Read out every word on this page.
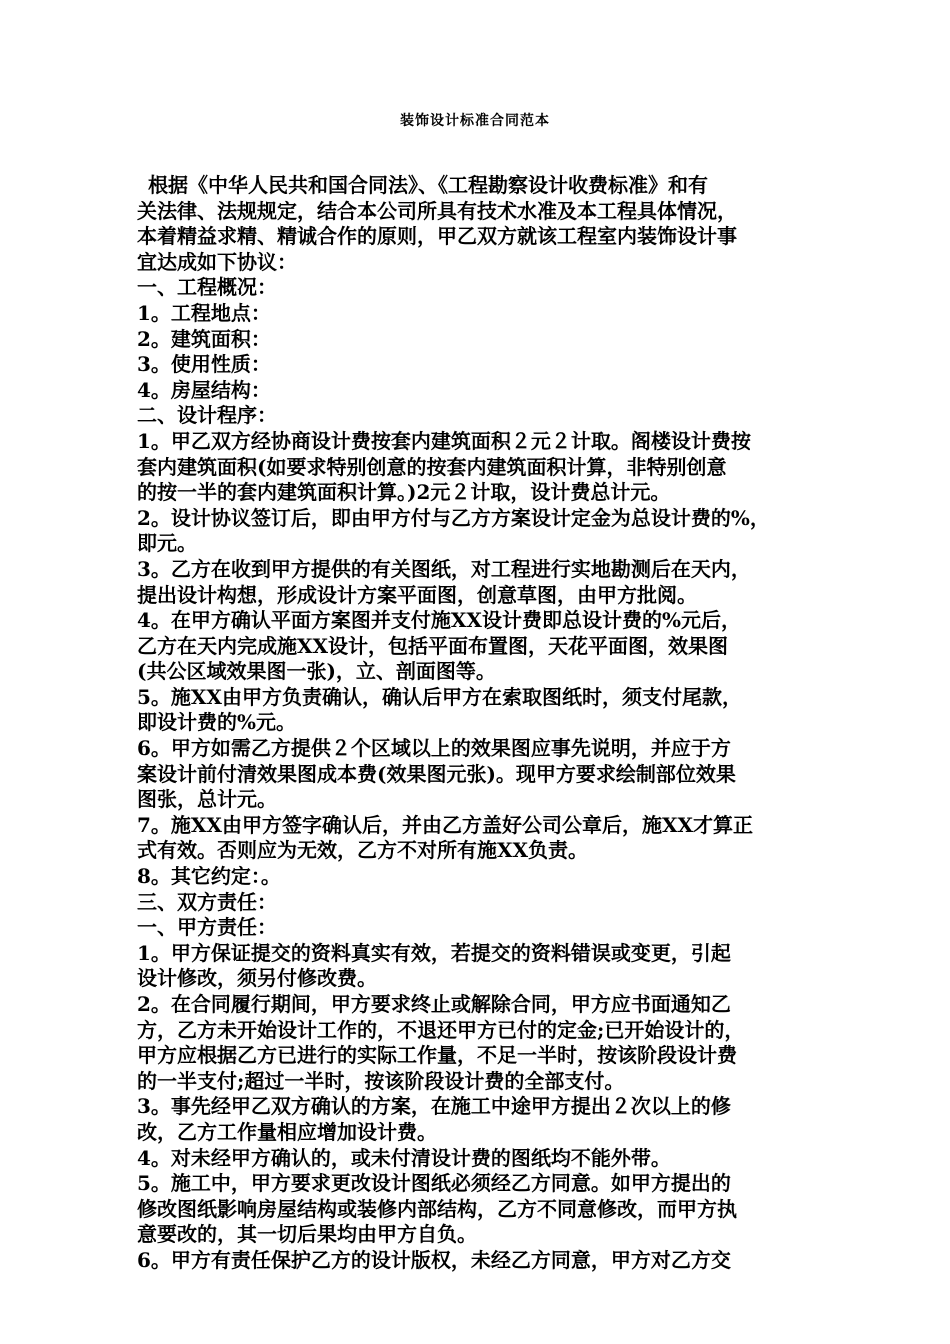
装饰设计标准合同范本
根据《中华人民共和国合同法》、《工程勘察设计收费标准》和有
关法律、法规规定，结合本公司所具有技术水准及本工程具体情况，
本着精益求精、精诚合作的原则，甲乙双方就该工程室内装饰设计事
宜达成如下协议：
一、工程概况：
1。工程地点：
2。建筑面积：
3。使用性质：
4。房屋结构：
二、设计程序：
1。甲乙双方经协商设计费按套内建筑面积２元２计取。阁楼设计费按
套内建筑面积(如要求特别创意的按套内建筑面积计算，非特别创意
的按一半的套内建筑面积计算。)2元２计取，设计费总计元。
2。设计协议签订后，即由甲方付与乙方方案设计定金为总设计费的%，
即元。
3。乙方在收到甲方提供的有关图纸，对工程进行实地勘测后在天内，
提出设计构想，形成设计方案平面图，创意草图，由甲方批阅。
4。在甲方确认平面方案图并支付施XX设计费即总设计费的%元后，
乙方在天内完成施XX设计，包括平面布置图，天花平面图，效果图
(共公区域效果图一张)，立、剖面图等。
5。施XX由甲方负责确认，确认后甲方在索取图纸时，须支付尾款，
即设计费的%元。
6。甲方如需乙方提供２个区域以上的效果图应事先说明，并应于方
案设计前付清效果图成本费(效果图元张)。现甲方要求绘制部位效果
图张，总计元。
7。施XX由甲方签字确认后，并由乙方盖好公司公章后，施XX才算正
式有效。否则应为无效，乙方不对所有施XX负责。
8。其它约定：。
三、双方责任：
一、甲方责任：
1。甲方保证提交的资料真实有效，若提交的资料错误或变更，引起
设计修改，须另付修改费。
2。在合同履行期间，甲方要求终止或解除合同，甲方应书面通知乙
方，乙方未开始设计工作的，不退还甲方已付的定金;已开始设计的，
甲方应根据乙方已进行的实际工作量，不足一半时，按该阶段设计费
的一半支付;超过一半时，按该阶段设计费的全部支付。
3。事先经甲乙双方确认的方案，在施工中途甲方提出２次以上的修
改，乙方工作量相应增加设计费。
4。对未经甲方确认的，或未付清设计费的图纸均不能外带。
5。施工中，甲方要求更改设计图纸必须经乙方同意。如甲方提出的
修改图纸影响房屋结构或装修内部结构，乙方不同意修改，而甲方执
意要改的，其一切后果均由甲方自负。
6。甲方有责任保护乙方的设计版权，未经乙方同意，甲方对乙方交
